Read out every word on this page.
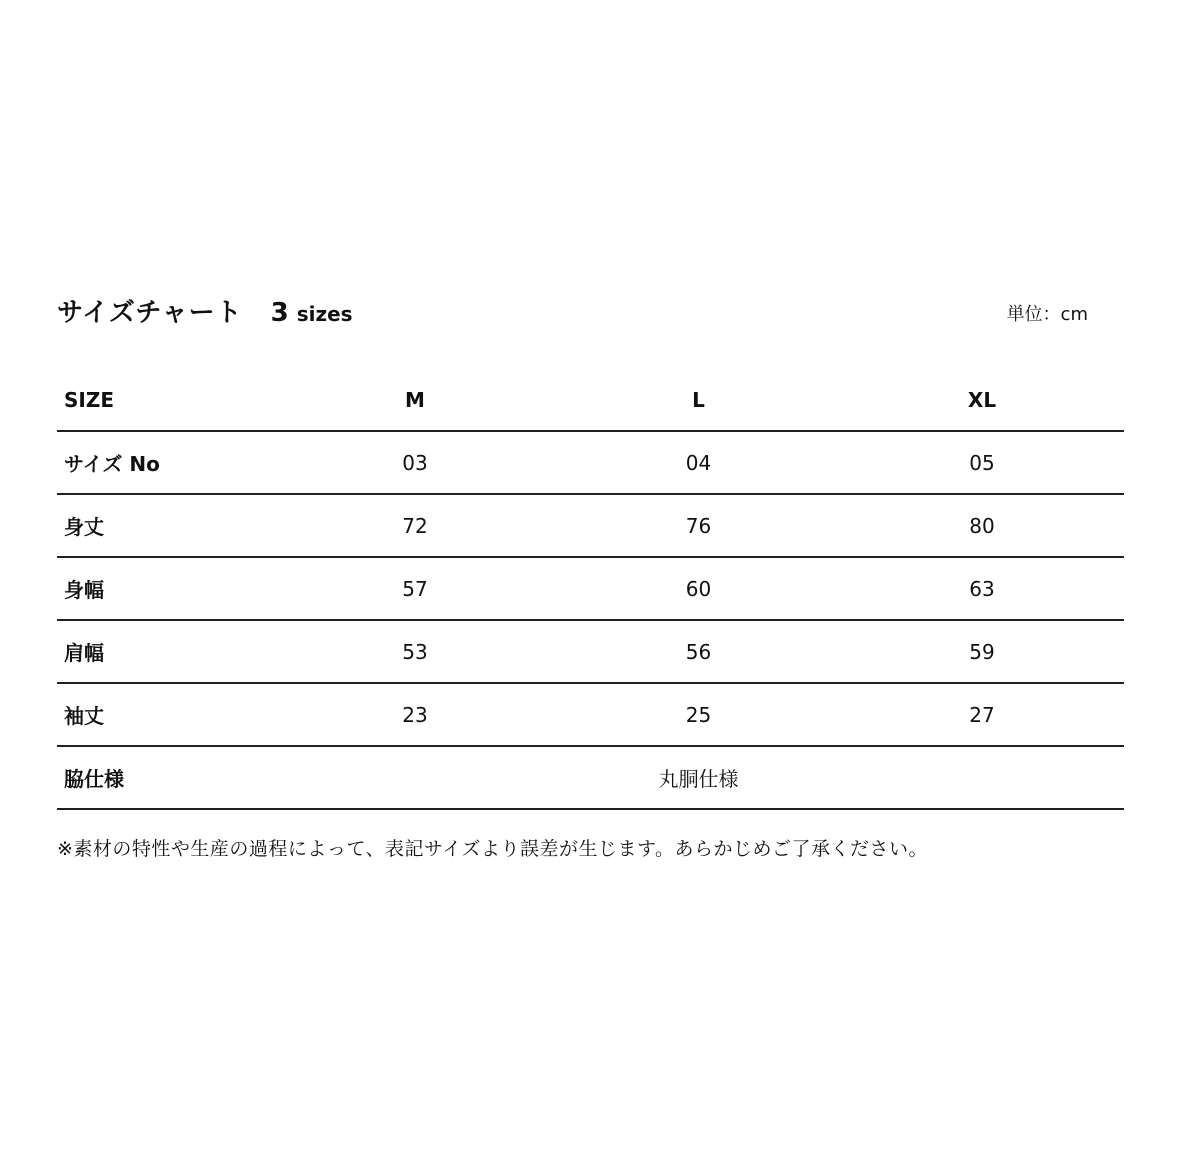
サイズチャート 3 sizes	単位：cm
SIZE	M	L	XL
サイズ No	03	04	05
身丈	72	76	80
身幅	57	60	63
肩幅	53	56	59
袖丈	23	25	27
脇仕様	丸胴仕様		
※素材の特性や生産の過程によって、表記サイズより誤差が生じます。あらかじめご了承ください。
